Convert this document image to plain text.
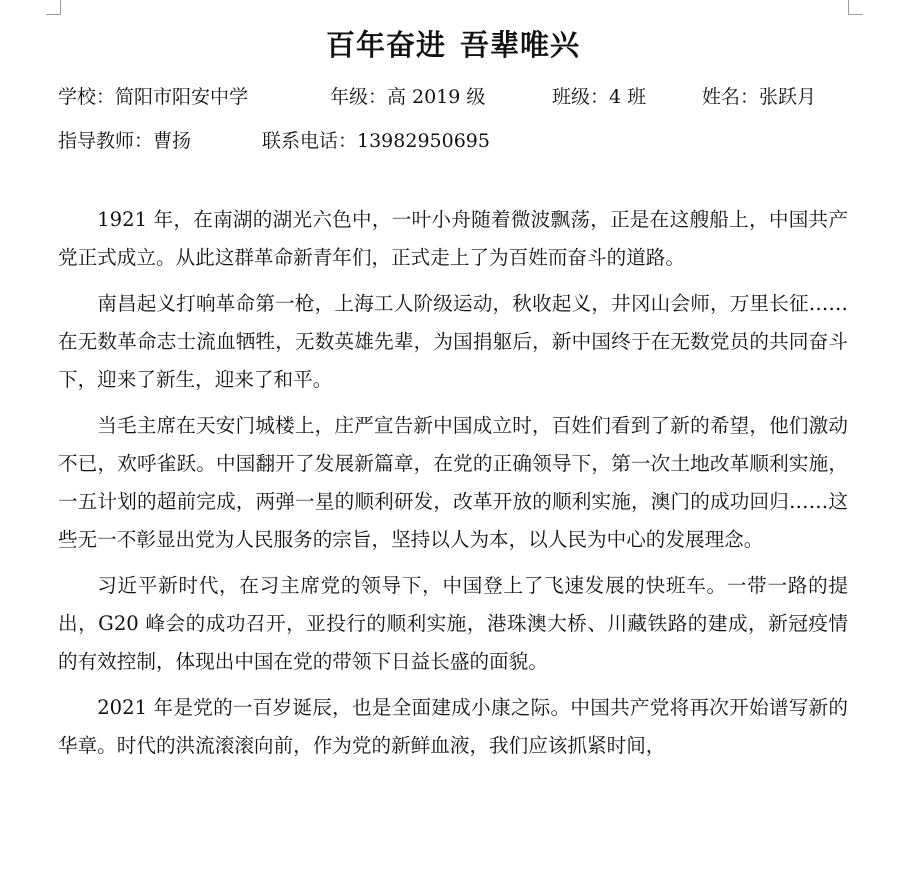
百年奋进 吾辈唯兴
学校：简阳市阳安中学	年级：高 2019 级	班级：4 班	姓名：张跃月
指导教师：曹扬	联系电话：13982950695

1921 年，在南湖的湖光六色中，一叶小舟随着微波飘荡，正是在这艘船上，中国共产党正式成立。从此这群革命新青年们，正式走上了为百姓而奋斗的道路。

南昌起义打响革命第一枪，上海工人阶级运动，秋收起义，井冈山会师，万里长征……在无数革命志士流血牺牲，无数英雄先辈，为国捐躯后，新中国终于在无数党员的共同奋斗下，迎来了新生，迎来了和平。

当毛主席在天安门城楼上，庄严宣告新中国成立时，百姓们看到了新的希望，他们激动不已，欢呼雀跃。中国翻开了发展新篇章，在党的正确领导下，第一次土地改革顺利实施，一五计划的超前完成，两弹一星的顺利研发，改革开放的顺利实施，澳门的成功回归……这些无一不彰显出党为人民服务的宗旨，坚持以人为本，以人民为中心的发展理念。

习近平新时代，在习主席党的领导下，中国登上了飞速发展的快班车。一带一路的提出，G20 峰会的成功召开，亚投行的顺利实施，港珠澳大桥、川藏铁路的建成，新冠疫情的有效控制，体现出中国在党的带领下日益长盛的面貌。

2021 年是党的一百岁诞辰，也是全面建成小康之际。中国共产党将再次开始谱写新的华章。时代的洪流滚滚向前，作为党的新鲜血液，我们应该抓紧时间，
